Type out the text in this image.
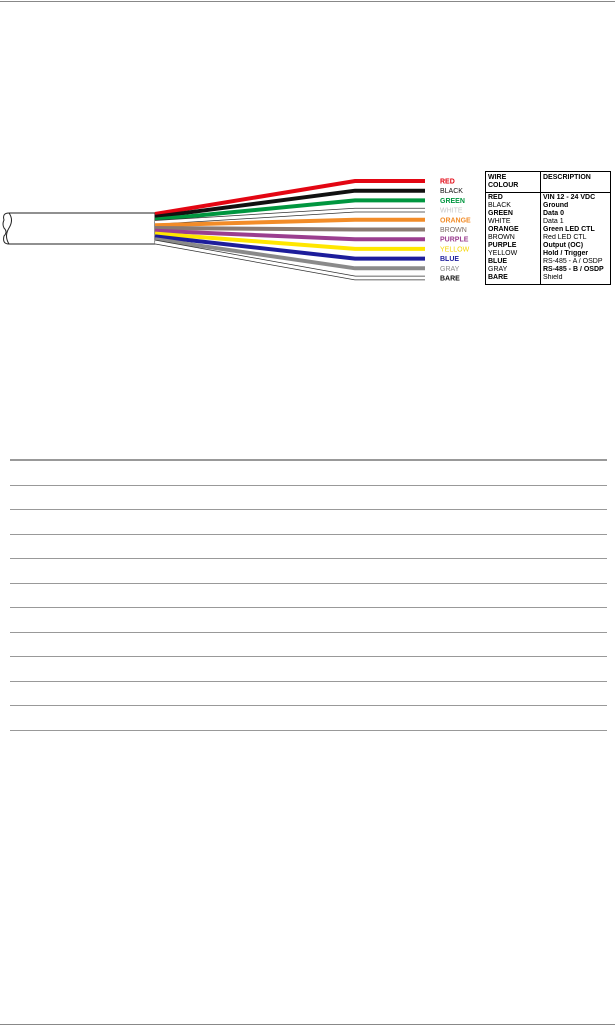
RED
BLACK
GREEN
WHITE
ORANGE
BROWN
PURPLE
YELLOW
BLUE
GRAY
BARE
WIRE COLOUR
DESCRIPTION
RED
BLACK
GREEN
WHITE
ORANGE
BROWN
PURPLE
YELLOW
BLUE
GRAY
BARE
VIN 12 - 24 VDC
Ground
Data 0
Data 1
Green LED CTL
Red LED CTL
Output (OC)
Hold / Trigger
RS-485 - A / OSDP
RS-485 - B / OSDP
Shield
